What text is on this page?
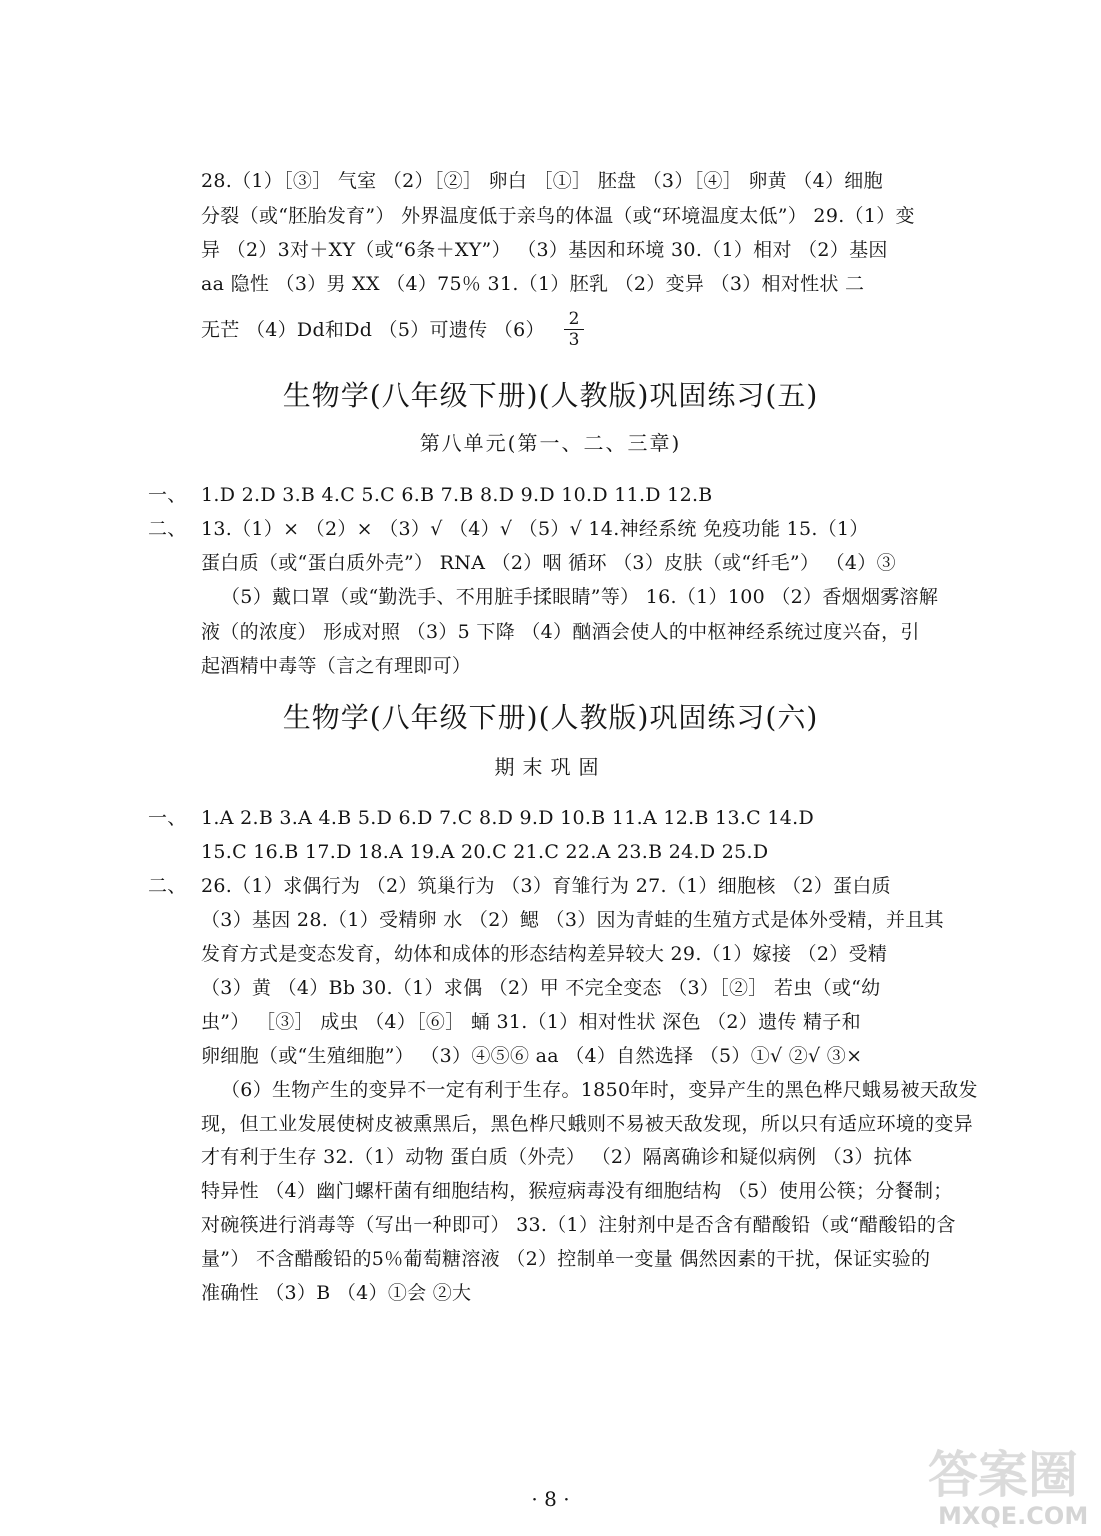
28.（1）［③］ 气室 （2）［②］ 卵白 ［①］ 胚盘 （3）［④］ 卵黄 （4）细胞
分裂（或“胚胎发育”） 外界温度低于亲鸟的体温（或“环境温度太低”） 29.（1）变
异 （2）3对＋XY（或“6条＋XY”） （3）基因和环境 30.（1）相对 （2）基因
aa 隐性 （3）男 XX （4）75％ 31.（1）胚乳 （2）变异 （3）相对性状 二
无芒 （4）Dd和Dd （5）可遗传 （6） 2
3
生物学(八年级下册)(人教版)巩固练习(五)
第八单元(第一、二、三章)
一、 1.D 2.D 3.B 4.C 5.C 6.B 7.B 8.D 9.D 10.D 11.D 12.B
二、 13.（1）× （2）× （3）√ （4）√ （5）√ 14.神经系统 免疫功能 15.（1）
蛋白质（或“蛋白质外壳”） RNA （2）咽 循环 （3）皮肤（或“纤毛”） （4）③
（5）戴口罩（或“勤洗手、不用脏手揉眼睛”等） 16.（1）100 （2）香烟烟雾溶解
液（的浓度） 形成对照 （3）5 下降 （4）酗酒会使人的中枢神经系统过度兴奋，引
起酒精中毒等（言之有理即可）
生物学(八年级下册)(人教版)巩固练习(六)
期末巩固
一、 1.A 2.B 3.A 4.B 5.D 6.D 7.C 8.D 9.D 10.B 11.A 12.B 13.C 14.D
15.C 16.B 17.D 18.A 19.A 20.C 21.C 22.A 23.B 24.D 25.D
二、 26.（1）求偶行为 （2）筑巢行为 （3）育雏行为 27.（1）细胞核 （2）蛋白质
（3）基因 28.（1）受精卵 水 （2）鳃 （3）因为青蛙的生殖方式是体外受精，并且其
发育方式是变态发育，幼体和成体的形态结构差异较大 29.（1）嫁接 （2）受精
（3）黄 （4）Bb 30.（1）求偶 （2）甲 不完全变态 （3）［②］ 若虫（或“幼
虫”） ［③］ 成虫 （4）［⑥］ 蛹 31.（1）相对性状 深色 （2）遗传 精子和
卵细胞（或“生殖细胞”） （3）④⑤⑥ aa （4）自然选择 （5）①√ ②√ ③×
（6）生物产生的变异不一定有利于生存。1850年时，变异产生的黑色桦尺蛾易被天敌发
现，但工业发展使树皮被熏黑后，黑色桦尺蛾则不易被天敌发现，所以只有适应环境的变异
才有利于生存 32.（1）动物 蛋白质（外壳） （2）隔离确诊和疑似病例 （3）抗体
特异性 （4）幽门螺杆菌有细胞结构，猴痘病毒没有细胞结构 （5）使用公筷；分餐制；
对碗筷进行消毒等（写出一种即可） 33.（1）注射剂中是否含有醋酸铅（或“醋酸铅的含
量”） 不含醋酸铅的5％葡萄糖溶液 （2）控制单一变量 偶然因素的干扰，保证实验的
准确性 （3）B （4）①会 ②大
· 8 ·	答案圈
MXQE.COM
